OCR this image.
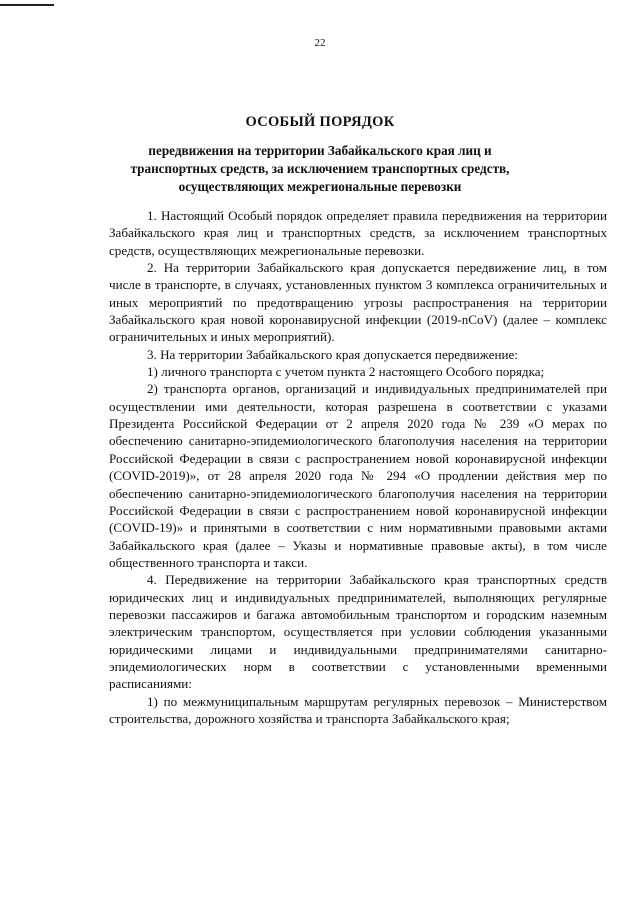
22
ОСОБЫЙ ПОРЯДОК
передвижения на территории Забайкальского края лиц и
транспортных средств, за исключением транспортных средств,
осуществляющих межрегиональные перевозки

1. Настоящий Особый порядок определяет правила передвижения на территории Забайкальского края лиц и транспортных средств, за исключением транспортных средств, осуществляющих межрегиональные перевозки.

2. На территории Забайкальского края допускается передвижение лиц, в том числе в транспорте, в случаях, установленных пунктом 3 комплекса ограничительных и иных мероприятий по предотвращению угрозы распространения на территории Забайкальского края новой коронавирусной инфекции (2019-nCoV) (далее – комплекс ограничительных и иных мероприятий).

3. На территории Забайкальского края допускается передвижение:

1) личного транспорта с учетом пункта 2 настоящего Особого порядка;

2) транспорта органов, организаций и индивидуальных предпринимателей при осуществлении ими деятельности, которая разрешена в соответствии с указами Президента Российской Федерации от 2 апреля 2020 года № 239 «О мерах по обеспечению санитарно-эпидемиологического благополучия населения на территории Российской Федерации в связи с распространением новой коронавирусной инфекции (COVID-2019)», от 28 апреля 2020 года № 294 «О продлении действия мер по обеспечению санитарно-эпидемиологического благополучия населения на территории Российской Федерации в связи с распространением новой коронавирусной инфекции (COVID-19)» и принятыми в соответствии с ним нормативными правовыми актами Забайкальского края (далее – Указы и нормативные правовые акты), в том числе общественного транспорта и такси.

4. Передвижение на территории Забайкальского края транспортных средств юридических лиц и индивидуальных предпринимателей, выполняющих регулярные перевозки пассажиров и багажа автомобильным транспортом и городским наземным электрическим транспортом, осуществляется при условии соблюдения указанными юридическими лицами и индивидуальными предпринимателями санитарно-эпидемиологических норм в соответствии с установленными временными расписаниями:

1) по межмуниципальным маршрутам регулярных перевозок – Министерством строительства, дорожного хозяйства и транспорта Забайкальского края;
